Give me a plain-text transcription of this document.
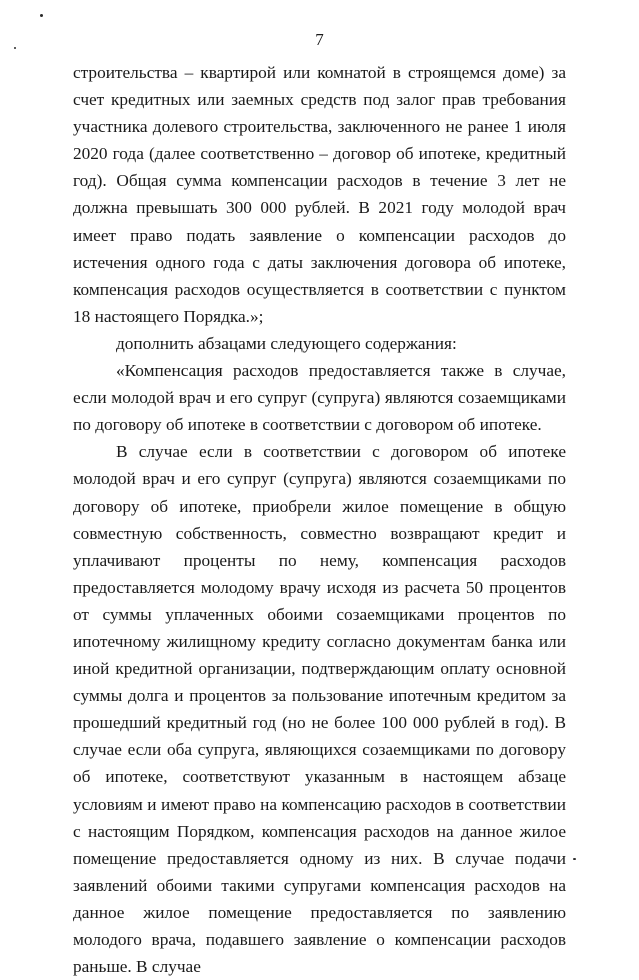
7

строительства – квартирой или комнатой в строящемся доме) за счет кредитных или заемных средств под залог прав требования участника долевого строительства, заключенного не ранее 1 июля 2020 года (далее соответственно – договор об ипотеке, кредитный год). Общая сумма компенсации расходов в течение 3 лет не должна превышать 300 000 рублей. В 2021 году молодой врач имеет право подать заявление о компенсации расходов до истечения одного года с даты заключения договора об ипотеке, компенсация расходов осуществляется в соответствии с пунктом 18 настоящего Порядка.»;

дополнить абзацами следующего содержания:

«Компенсация расходов предоставляется также в случае, если молодой врач и его супруг (супруга) являются созаемщиками по договору об ипотеке в соответствии с договором об ипотеке.

В случае если в соответствии с договором об ипотеке молодой врач и его супруг (супруга) являются созаемщиками по договору об ипотеке, приобрели жилое помещение в общую совместную собственность, совместно возвращают кредит и уплачивают проценты по нему, компенсация расходов предоставляется молодому врачу исходя из расчета 50 процентов от суммы уплаченных обоими созаемщиками процентов по ипотечному жилищному кредиту согласно документам банка или иной кредитной организации, подтверждающим оплату основной суммы долга и процентов за пользование ипотечным кредитом за прошедший кредитный год (но не более 100 000 рублей в год). В случае если оба супруга, являющихся созаемщиками по договору об ипотеке, соответствуют указанным в настоящем абзаце условиям и имеют право на компенсацию расходов в соответствии с настоящим Порядком, компенсация расходов на данное жилое помещение предоставляется одному из них. В случае подачи заявлений обоими такими супругами компенсация расходов на данное жилое помещение предоставляется по заявлению молодого врача, подавшего заявление о компенсации расходов раньше. В случае
